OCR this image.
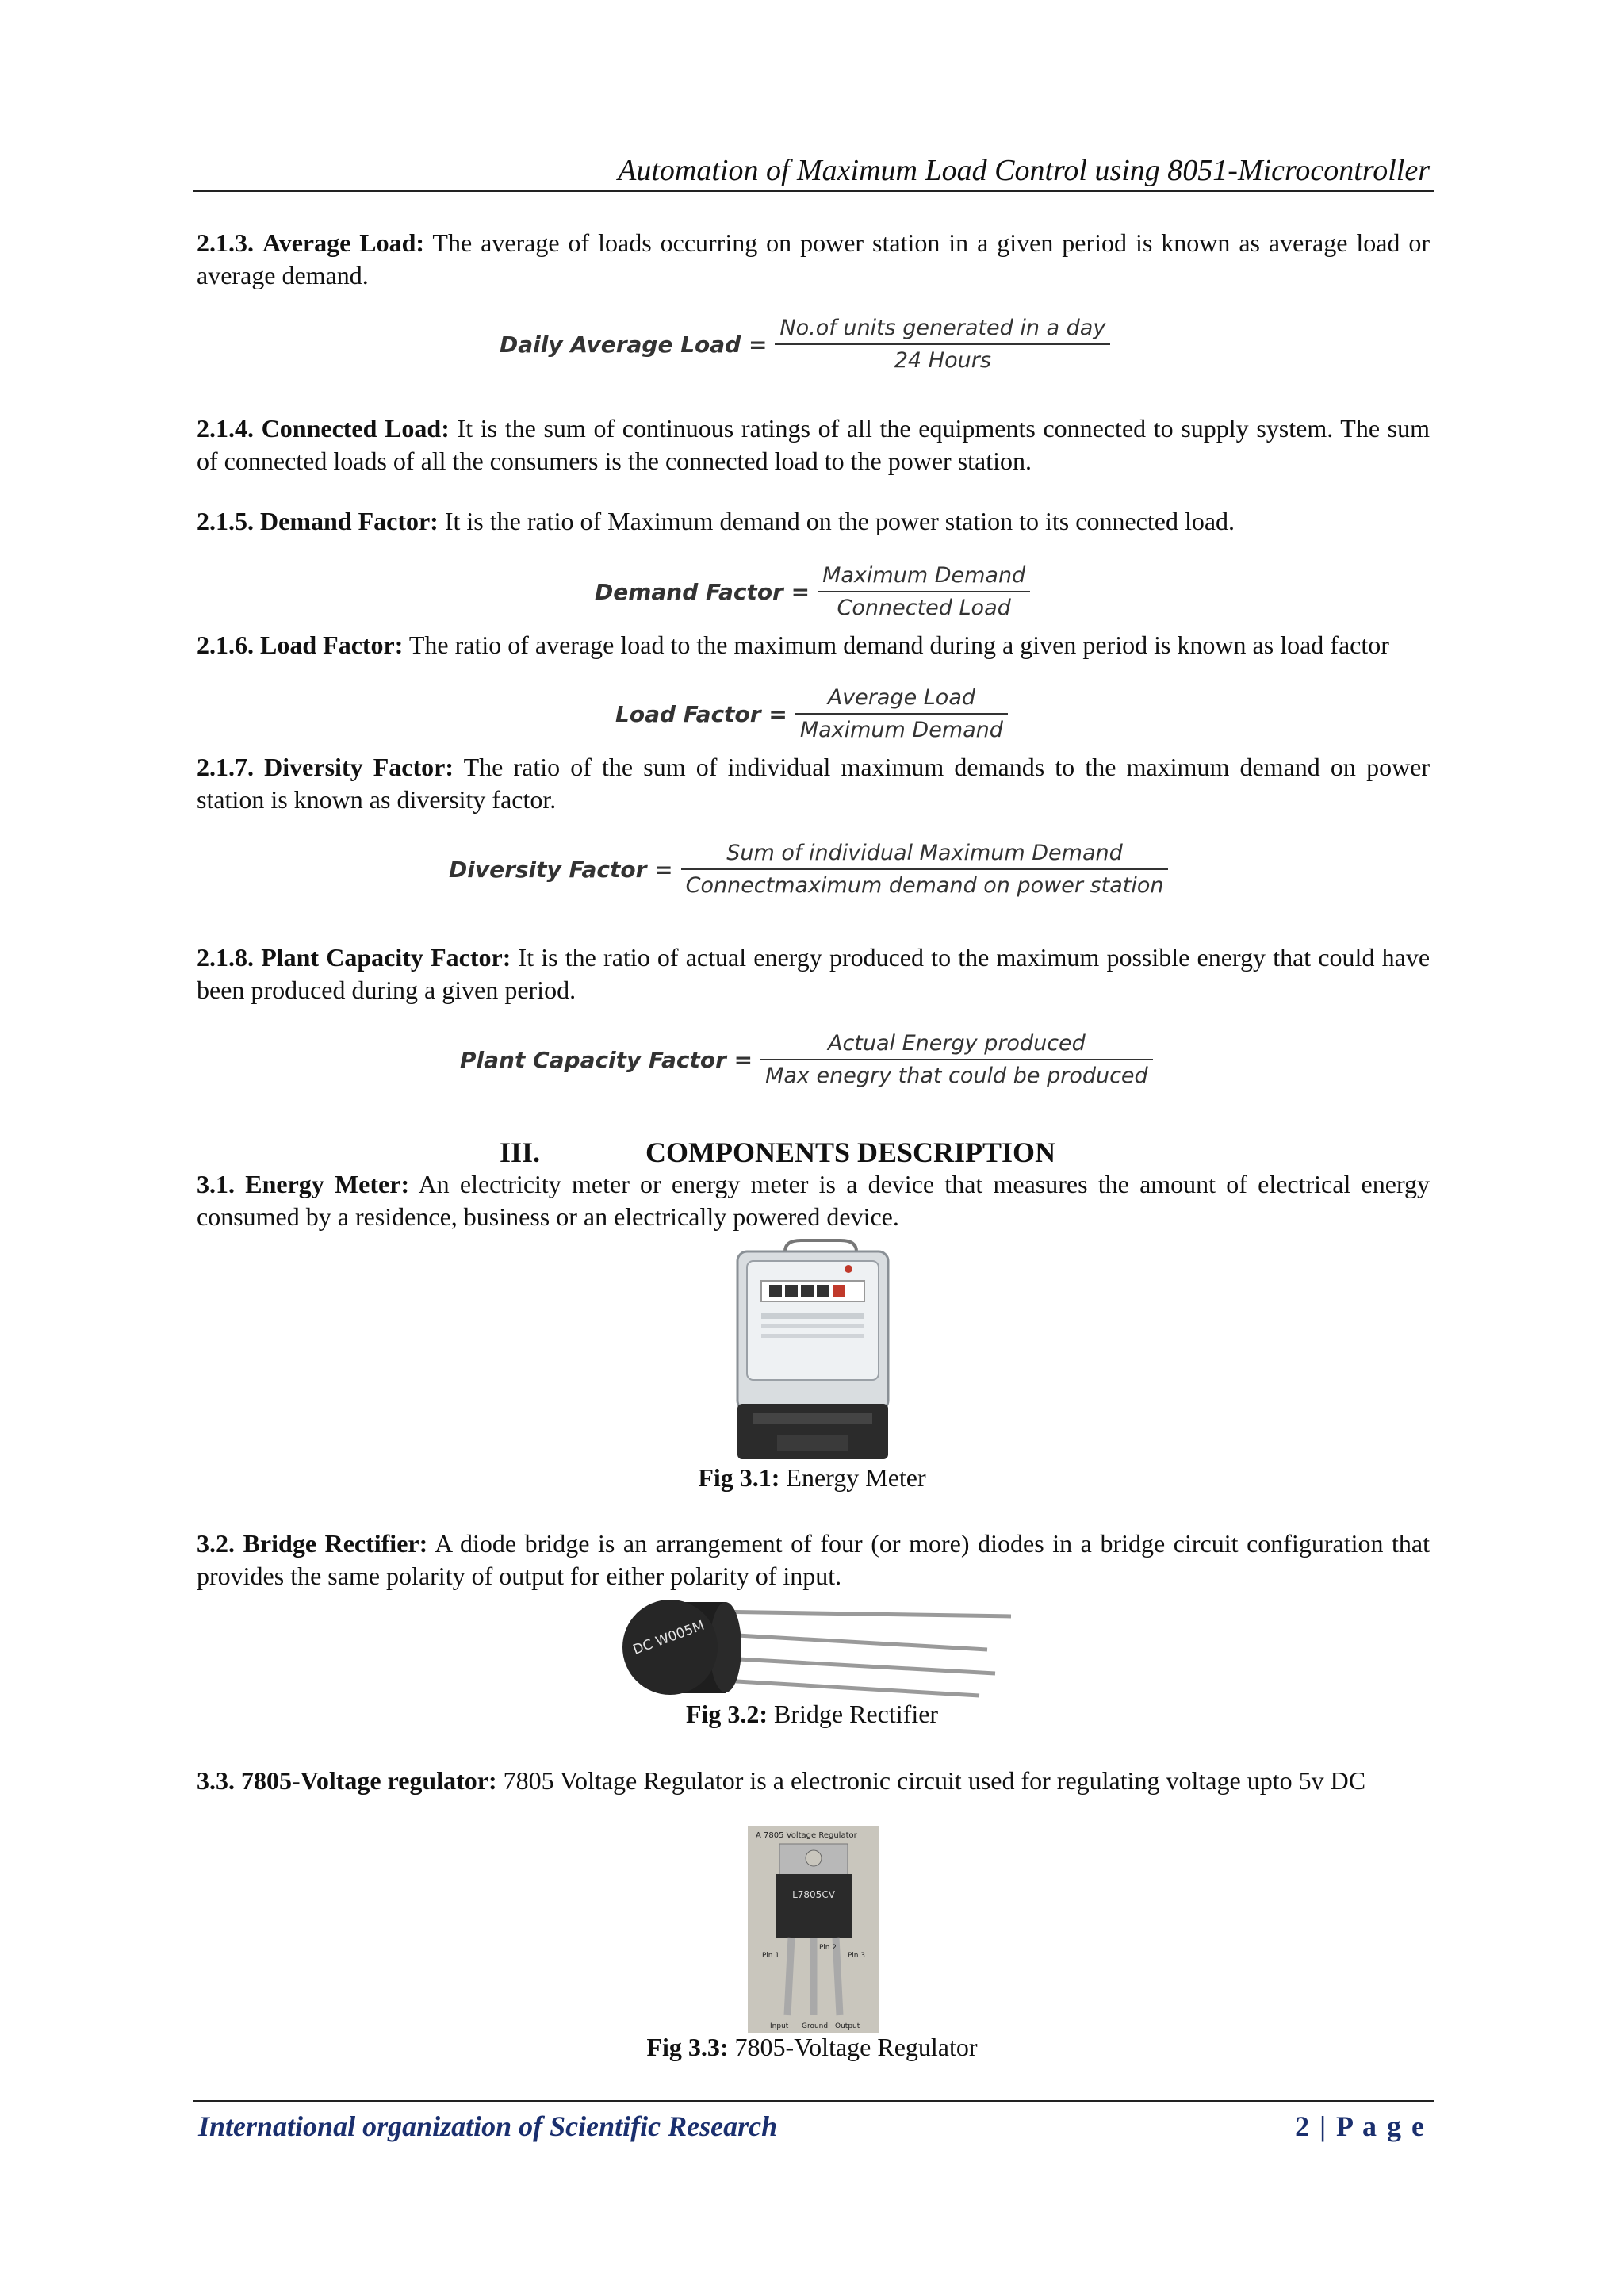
Automation of Maximum Load Control using 8051-Microcontroller

2.1.3. Average Load: The average of loads occurring on power station in a given period is known as average load or average demand.

Daily Average Load = $\frac{\text{No.of units generated in a day}}{\text{24 Hours}}$

2.1.4. Connected Load: It is the sum of continuous ratings of all the equipments connected to supply system. The sum of connected loads of all the consumers is the connected load to the power station.

2.1.5. Demand Factor: It is the ratio of Maximum demand on the power station to its connected load.

Demand Factor = $\frac{\text{Maximum Demand}}{\text{Connected Load}}$

2.1.6. Load Factor: The ratio of average load to the maximum demand during a given period is known as load factor

Load Factor = $\frac{\text{Average Load}}{\text{Maximum Demand}}$

2.1.7. Diversity Factor: The ratio of the sum of individual maximum demands to the maximum demand on power station is known as diversity factor.

Diversity Factor = $\frac{\text{Sum of individual Maximum Demand}}{\text{Connectmaximum demand on power station}}$

2.1.8. Plant Capacity Factor: It is the ratio of actual energy produced to the maximum possible energy that could have been produced during a given period.

Plant Capacity Factor = $\frac{\text{Actual Energy produced}}{\text{Max enegry that could be produced}}$
III.	COMPONENTS DESCRIPTION

3.1. Energy Meter: An electricity meter or energy meter is a device that measures the amount of electrical energy consumed by a residence, business or an electrically powered device.

Fig 3.1: Energy Meter

3.2. Bridge Rectifier: A diode bridge is an arrangement of four (or more) diodes in a bridge circuit configuration that provides the same polarity of output for either polarity of input.

DC W005M
Fig 3.2: Bridge Rectifier

3.3. 7805-Voltage regulator: 7805 Voltage Regulator is a electronic circuit used for regulating voltage upto 5v DC

A 7805 Voltage Regulator
L7805CV
Pin 1
Pin 2
Pin 3
Input Ground Output
Fig 3.3: 7805-Voltage Regulator
International organization of Scientific Research	2 | P a g e
